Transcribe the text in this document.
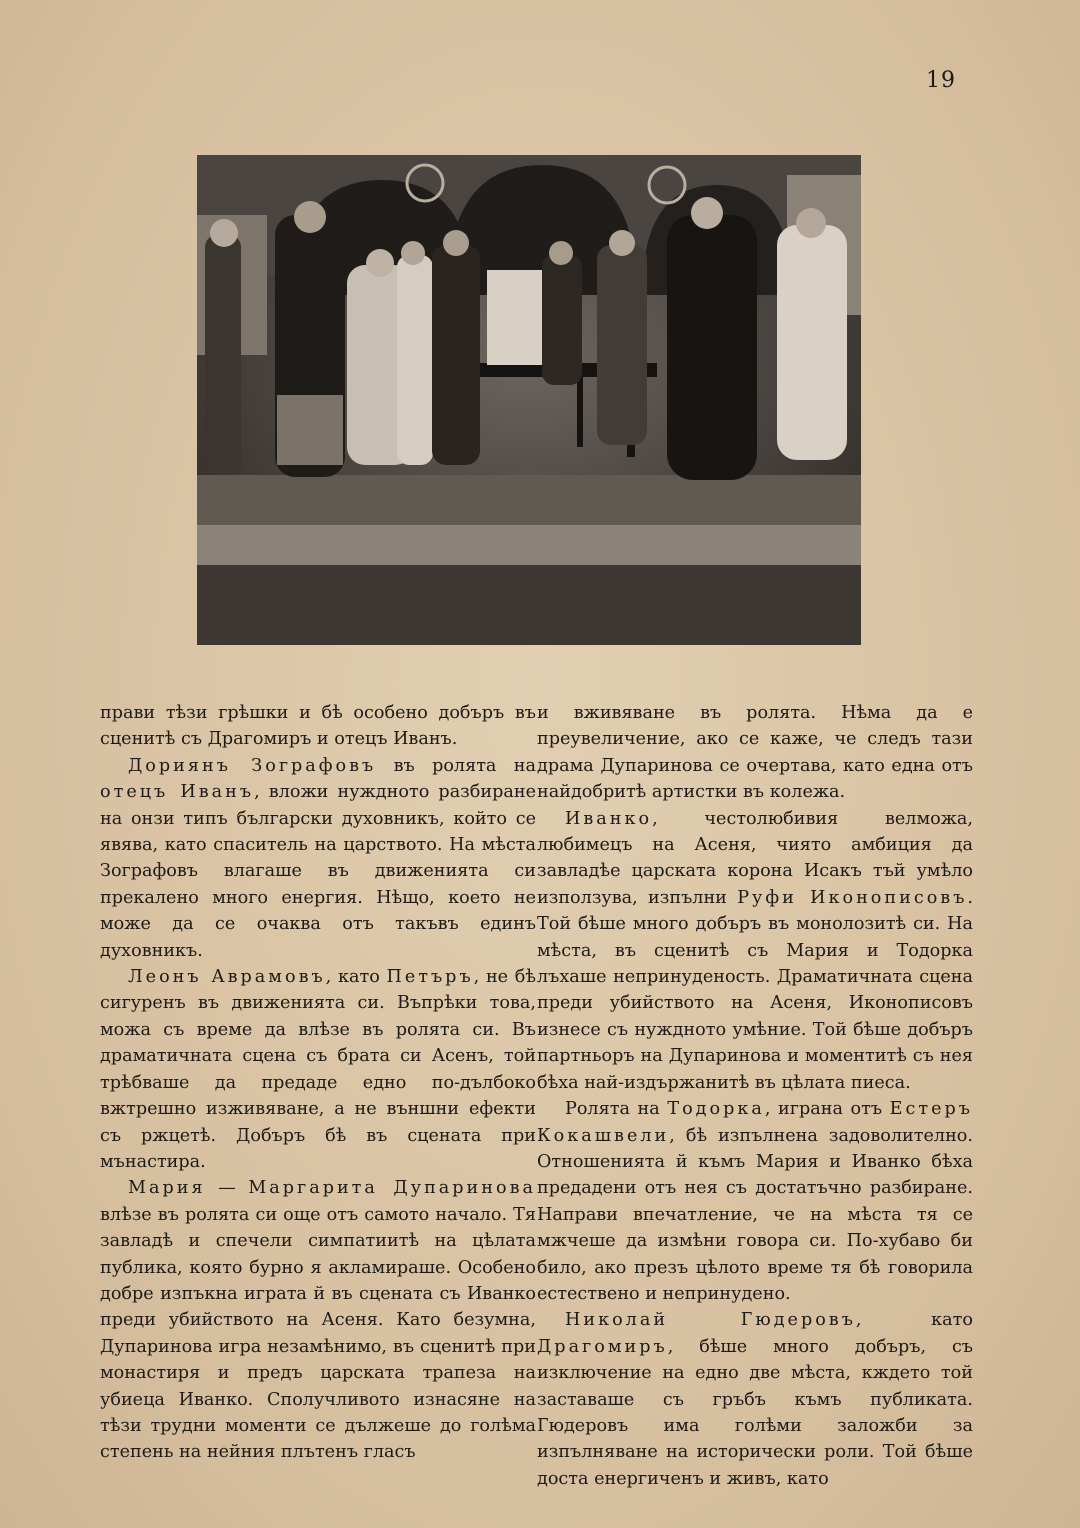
19

прави тѣзи грѣшки и бѣ особено добъръ въ сценитѣ съ Драгомиръ и отецъ Иванъ.

Дориянъ Зографовъ въ ролята на отецъ Иванъ, вложи нуждното разбиране на онзи типъ български духовникъ, който се явява, като спаситель на царството. На мѣста Зографовъ влагаше въ движенията си прекалено много енергия. Нѣщо, което не може да се очаква отъ такъвъ единъ духовникъ.

Леонъ Аврамовъ, като Петъръ, не бѣ сигуренъ въ движенията си. Въпрѣки това, можа съ време да влѣзе въ ролята си. Въ драматичната сцена съ брата си Асенъ, той трѣбваше да предаде едно по-дълбоко вжтрешно изживяване, а не външни ефекти съ ржцетѣ. Добъръ бѣ въ сцената при мънастира.

Мария — Маргарита Дупаринова влѣзе въ ролята си още отъ самото начало. Тя завладѣ и спечели симпатиитѣ на цѣлата публика, която бурно я акламираше. Особено добре изпъкна играта й въ сцената съ Иванко преди убийството на Асеня. Като безумна, Дупаринова игра незамѣнимо, въ сценитѣ при монастиря и предъ царската трапеза на убиеца Иванко. Сполучливото изнасяне на тѣзи трудни моменти се дължеше до голѣма степень на нейния плътенъ гласъ

и вживяване въ ролята. Нѣма да е преувеличение, ако се каже, че следъ тази драма Дупаринова се очертава, като една отъ найдобритѣ артистки въ колежа.

Иванко, честолюбивия велможа, любимецъ на Асеня, чиято амбиция да завладѣе царската корона Исакъ тъй умѣло използува, изпълни Руфи Иконописовъ. Той бѣше много добъръ въ монолозитѣ си. На мѣста, въ сценитѣ съ Мария и Тодорка лъхаше непринуденость. Драматичната сцена преди убийството на Асеня, Иконописовъ изнесе съ нуждното умѣние. Той бѣше добъръ партньоръ на Дупаринова и моментитѣ съ нея бѣха най-издържанитѣ въ цѣлата пиеса.

Ролята на Тодорка, играна отъ Естеръ Кокашвели, бѣ изпълнена задоволително. Отношенията й къмъ Мария и Иванко бѣха предадени отъ нея съ достатъчно разбиране. Направи впечатление, че на мѣста тя се мжчеше да измѣни говора си. По-хубаво би било, ако презъ цѣлото време тя бѣ говорила естествено и непринудено.

Николай Гюдеровъ, като Драгомиръ, бѣше много добъръ, съ изключение на едно две мѣста, кждето той заставаше съ гръбъ къмъ публиката. Гюдеровъ има голѣми заложби за изпълняване на исторически роли. Той бѣше доста енергиченъ и живъ, като
